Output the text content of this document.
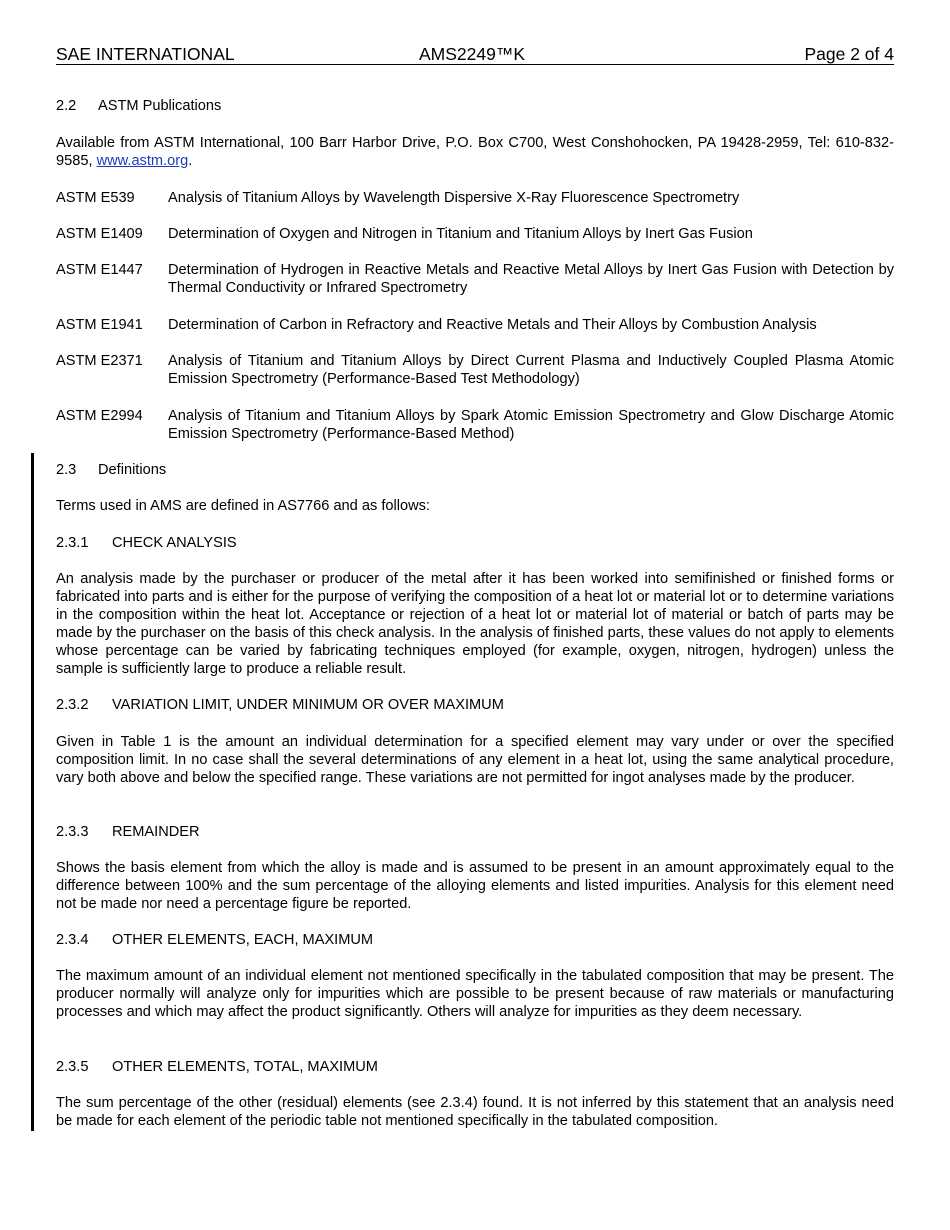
SAE INTERNATIONAL	AMS2249™K	Page 2 of 4
2.2 ASTM Publications
Available from ASTM International, 100 Barr Harbor Drive, P.O. Box C700, West Conshohocken, PA 19428-2959, Tel: 610-832-9585, www.astm.org.
ASTM E539 Analysis of Titanium Alloys by Wavelength Dispersive X-Ray Fluorescence Spectrometry
ASTM E1409 Determination of Oxygen and Nitrogen in Titanium and Titanium Alloys by Inert Gas Fusion
ASTM E1447 Determination of Hydrogen in Reactive Metals and Reactive Metal Alloys by Inert Gas Fusion with Detection by Thermal Conductivity or Infrared Spectrometry
ASTM E1941 Determination of Carbon in Refractory and Reactive Metals and Their Alloys by Combustion Analysis
ASTM E2371 Analysis of Titanium and Titanium Alloys by Direct Current Plasma and Inductively Coupled Plasma Atomic Emission Spectrometry (Performance-Based Test Methodology)
ASTM E2994 Analysis of Titanium and Titanium Alloys by Spark Atomic Emission Spectrometry and Glow Discharge Atomic Emission Spectrometry (Performance-Based Method)
2.3 Definitions
Terms used in AMS are defined in AS7766 and as follows:
2.3.1 CHECK ANALYSIS
An analysis made by the purchaser or producer of the metal after it has been worked into semifinished or finished forms or fabricated into parts and is either for the purpose of verifying the composition of a heat lot or material lot or to determine variations in the composition within the heat lot. Acceptance or rejection of a heat lot or material lot of material or batch of parts may be made by the purchaser on the basis of this check analysis. In the analysis of finished parts, these values do not apply to elements whose percentage can be varied by fabricating techniques employed (for example, oxygen, nitrogen, hydrogen) unless the sample is sufficiently large to produce a reliable result.
2.3.2 VARIATION LIMIT, UNDER MINIMUM OR OVER MAXIMUM
Given in Table 1 is the amount an individual determination for a specified element may vary under or over the specified composition limit. In no case shall the several determinations of any element in a heat lot, using the same analytical procedure, vary both above and below the specified range. These variations are not permitted for ingot analyses made by the producer.
2.3.3 REMAINDER
Shows the basis element from which the alloy is made and is assumed to be present in an amount approximately equal to the difference between 100% and the sum percentage of the alloying elements and listed impurities. Analysis for this element need not be made nor need a percentage figure be reported.
2.3.4 OTHER ELEMENTS, EACH, MAXIMUM
The maximum amount of an individual element not mentioned specifically in the tabulated composition that may be present. The producer normally will analyze only for impurities which are possible to be present because of raw materials or manufacturing processes and which may affect the product significantly. Others will analyze for impurities as they deem necessary.
2.3.5 OTHER ELEMENTS, TOTAL, MAXIMUM
The sum percentage of the other (residual) elements (see 2.3.4) found. It is not inferred by this statement that an analysis need be made for each element of the periodic table not mentioned specifically in the tabulated composition.
